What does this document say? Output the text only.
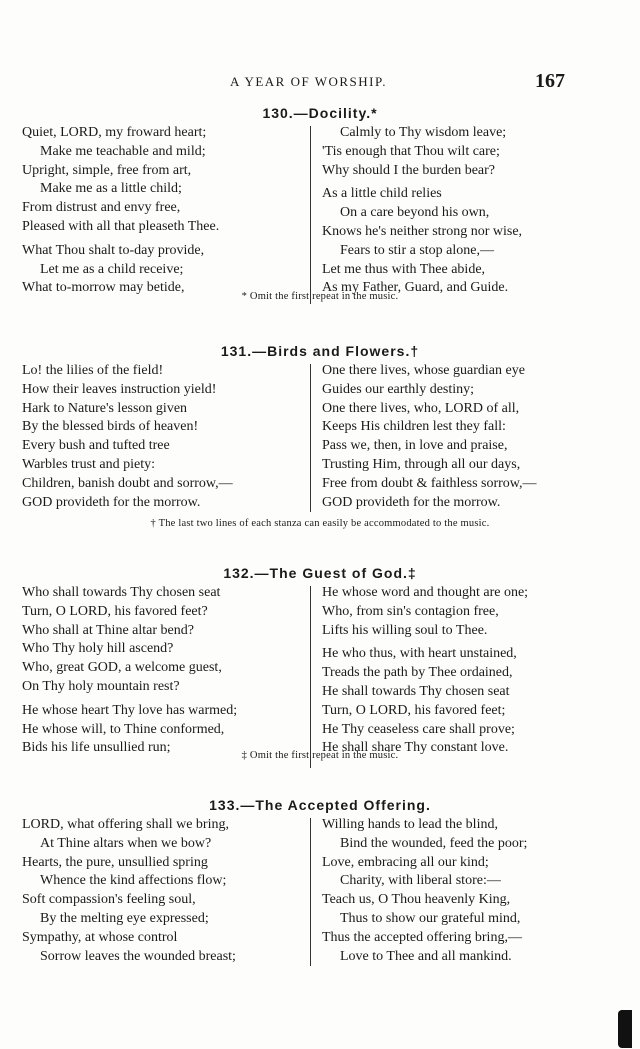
A YEAR OF WORSHIP.	167
130.—Docility.*
Quiet, LORD, my froward heart;
Make me teachable and mild;
Upright, simple, free from art,
Make me as a little child;
From distrust and envy free,
Pleased with all that pleaseth Thee.
What Thou shalt to-day provide,
Let me as a child receive;
What to-morrow may betide,
Calmly to Thy wisdom leave;
'Tis enough that Thou wilt care;
Why should I the burden bear?
As a little child relies
On a care beyond his own,
Knows he's neither strong nor wise,
Fears to stir a stop alone,—
Let me thus with Thee abide,
As my Father, Guard, and Guide.
* Omit the first repeat in the music.
131.—Birds and Flowers.†
Lo! the lilies of the field!
How their leaves instruction yield!
Hark to Nature's lesson given
By the blessed birds of heaven!
Every bush and tufted tree
Warbles trust and piety:
Children, banish doubt and sorrow,—
GOD provideth for the morrow.
One there lives, whose guardian eye
Guides our earthly destiny;
One there lives, who, LORD of all,
Keeps His children lest they fall:
Pass we, then, in love and praise,
Trusting Him, through all our days,
Free from doubt & faithless sorrow,—
GOD provideth for the morrow.
† The last two lines of each stanza can easily be accommodated to the music.
132.—The Guest of God.‡
Who shall towards Thy chosen seat
Turn, O LORD, his favored feet?
Who shall at Thine altar bend?
Who Thy holy hill ascend?
Who, great GOD, a welcome guest,
On Thy holy mountain rest?
He whose heart Thy love has warmed;
He whose will, to Thine conformed,
Bids his life unsullied run;
He whose word and thought are one;
Who, from sin's contagion free,
Lifts his willing soul to Thee.
He who thus, with heart unstained,
Treads the path by Thee ordained,
He shall towards Thy chosen seat
Turn, O LORD, his favored feet;
He Thy ceaseless care shall prove;
He shall share Thy constant love.
‡ Omit the first repeat in the music.
133.—The Accepted Offering.
LORD, what offering shall we bring,
At Thine altars when we bow?
Hearts, the pure, unsullied spring
Whence the kind affections flow;
Soft compassion's feeling soul,
By the melting eye expressed;
Sympathy, at whose control
Sorrow leaves the wounded breast;
Willing hands to lead the blind,
Bind the wounded, feed the poor;
Love, embracing all our kind;
Charity, with liberal store:—
Teach us, O Thou heavenly King,
Thus to show our grateful mind,
Thus the accepted offering bring,—
Love to Thee and all mankind.
